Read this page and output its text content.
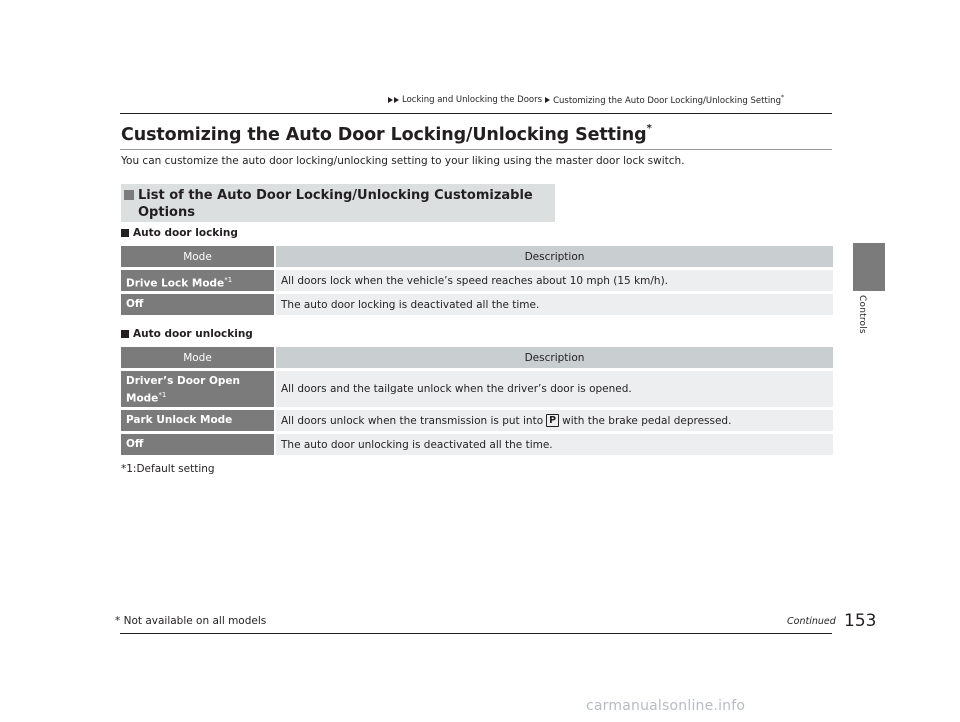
Locking and Unlocking the Doors Customizing the Auto Door Locking/Unlocking Setting*
Controls
Customizing the Auto Door Locking/Unlocking Setting*
You can customize the auto door locking/unlocking setting to your liking using the master door lock switch.
List of the Auto Door Locking/Unlocking Customizable
Options
Auto door locking
Mode	Description
Drive Lock Mode$^{*1}$	All doors lock when the vehicle’s speed reaches about 10 mph (15 km/h).
Off	The auto door locking is deactivated all the time.
Auto door unlocking
Mode	Description
Driver’s Door Open
Mode$^{*1}$	All doors and the tailgate unlock when the driver’s door is opened.
Park Unlock Mode	All doors unlock when the transmission is put into P with the brake pedal depressed.
Off	The auto door unlocking is deactivated all the time.
*1:Default setting
* Not available on all models	Continued 153
carmanualsonline.info
